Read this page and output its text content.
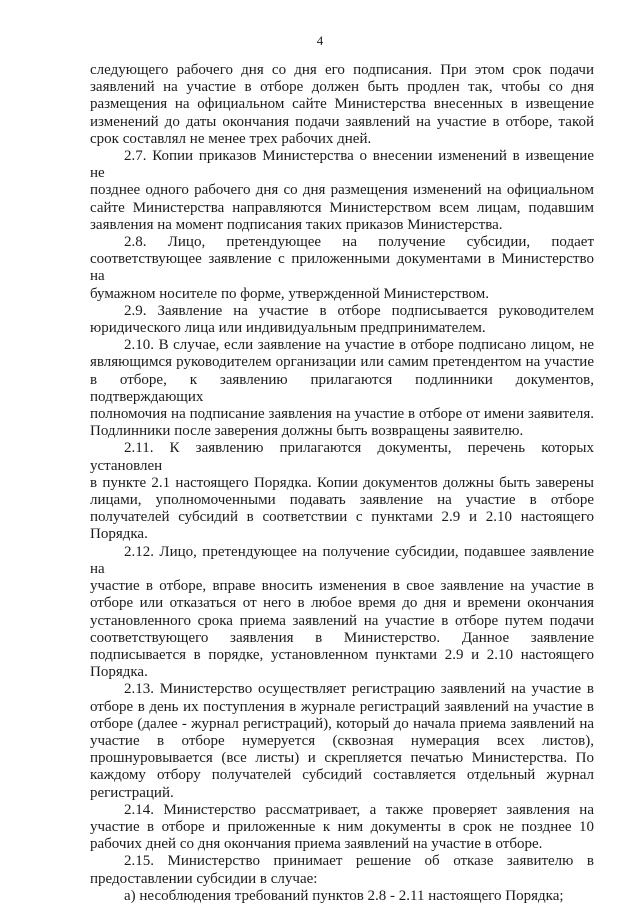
4

следующего рабочего дня со дня его подписания. При этом срок подачи
заявлений на участие в отборе должен быть продлен так, чтобы со дня
размещения на официальном сайте Министерства внесенных в извещение
изменений до даты окончания подачи заявлений на участие в отборе, такой
срок составлял не менее трех рабочих дней.

2.7. Копии приказов Министерства о внесении изменений в извещение не
позднее одного рабочего дня со дня размещения изменений на официальном
сайте Министерства направляются Министерством всем лицам, подавшим
заявления на момент подписания таких приказов Министерства.

2.8. Лицо, претендующее на получение субсидии, подает
соответствующее заявление с приложенными документами в Министерство на
бумажном носителе по форме, утвержденной Министерством.

2.9. Заявление на участие в отборе подписывается руководителем
юридического лица или индивидуальным предпринимателем.

2.10. В случае, если заявление на участие в отборе подписано лицом, не
являющимся руководителем организации или самим претендентом на участие
в отборе, к заявлению прилагаются подлинники документов, подтверждающих
полномочия на подписание заявления на участие в отборе от имени заявителя.
Подлинники после заверения должны быть возвращены заявителю.

2.11. К заявлению прилагаются документы, перечень которых установлен
в пункте 2.1 настоящего Порядка. Копии документов должны быть заверены
лицами, уполномоченными подавать заявление на участие в отборе
получателей субсидий в соответствии с пунктами 2.9 и 2.10 настоящего
Порядка.

2.12. Лицо, претендующее на получение субсидии, подавшее заявление на
участие в отборе, вправе вносить изменения в свое заявление на участие в
отборе или отказаться от него в любое время до дня и времени окончания
установленного срока приема заявлений на участие в отборе путем подачи
соответствующего заявления в Министерство. Данное заявление
подписывается в порядке, установленном пунктами 2.9 и 2.10 настоящего
Порядка.

2.13. Министерство осуществляет регистрацию заявлений на участие в
отборе в день их поступления в журнале регистраций заявлений на участие в
отборе (далее - журнал регистраций), который до начала приема заявлений на
участие в отборе нумеруется (сквозная нумерация всех листов),
прошнуровывается (все листы) и скрепляется печатью Министерства. По
каждому отбору получателей субсидий составляется отдельный журнал
регистраций.

2.14. Министерство рассматривает, а также проверяет заявления на
участие в отборе и приложенные к ним документы в срок не позднее 10
рабочих дней со дня окончания приема заявлений на участие в отборе.

2.15. Министерство принимает решение об отказе заявителю в
предоставлении субсидии в случае:

а) несоблюдения требований пунктов 2.8 - 2.11 настоящего Порядка;
